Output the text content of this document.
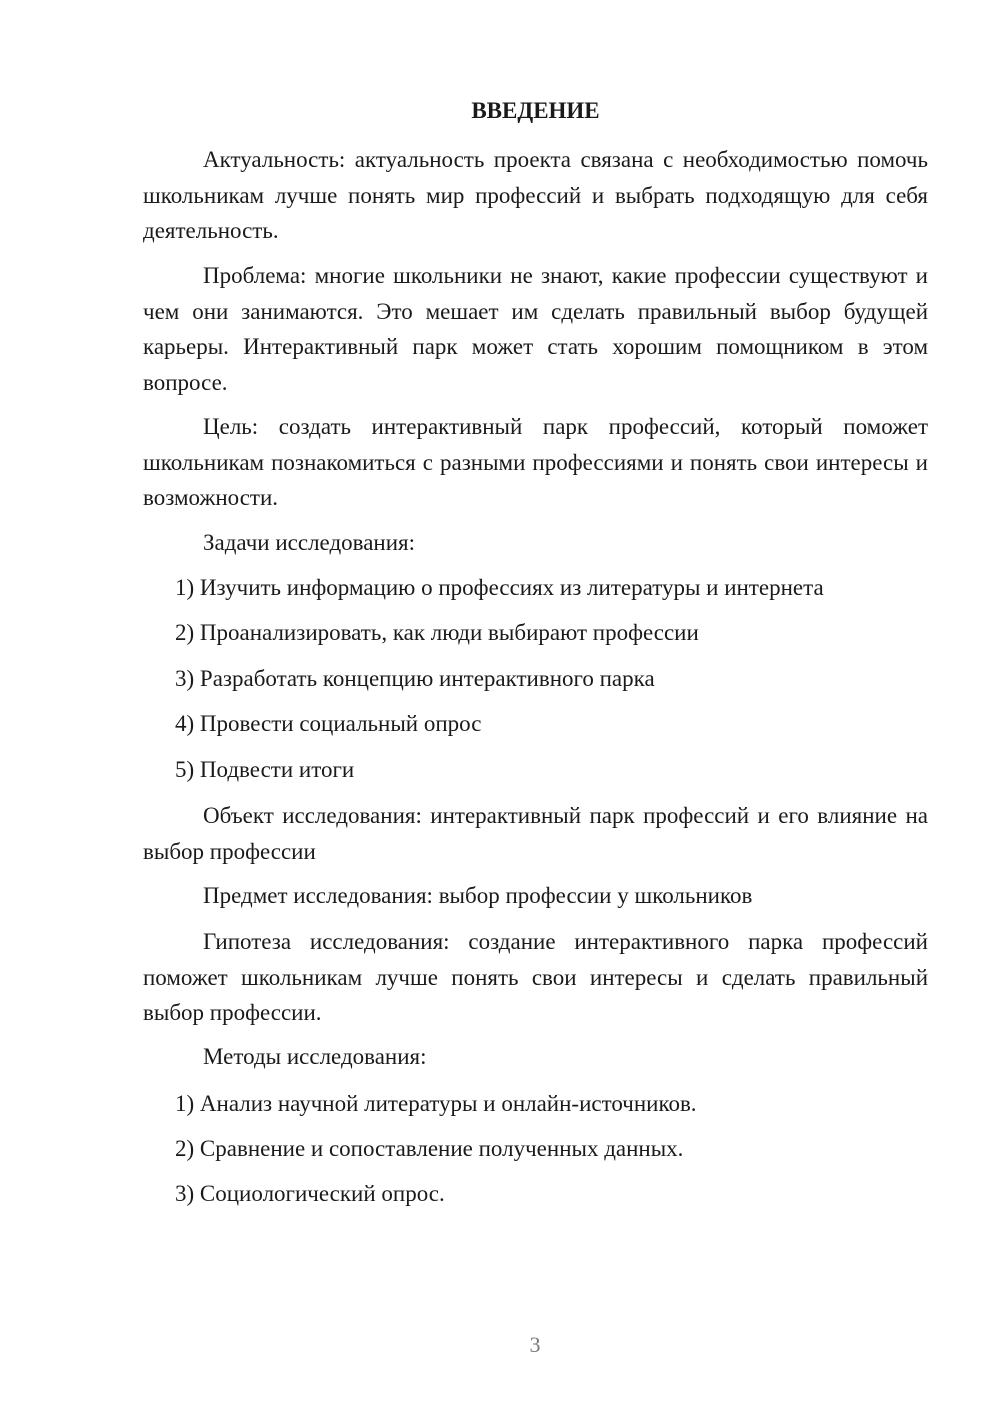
ВВЕДЕНИЕ

Актуальность: актуальность проекта связана с необходимостью помочь школьникам лучше понять мир профессий и выбрать подходящую для себя деятельность.

Проблема: многие школьники не знают, какие профессии существуют и чем они занимаются. Это мешает им сделать правильный выбор будущей карьеры. Интерактивный парк может стать хорошим помощником в этом вопросе.

Цель: создать интерактивный парк профессий, который поможет школьникам познакомиться с разными профессиями и понять свои интересы и возможности.

Задачи исследования:

1) Изучить информацию о профессиях из литературы и интернета

2) Проанализировать, как люди выбирают профессии

3) Разработать концепцию интерактивного парка

4) Провести социальный опрос

5) Подвести итоги

Объект исследования: интерактивный парк профессий и его влияние на выбор профессии

Предмет исследования: выбор профессии у школьников

Гипотеза исследования: создание интерактивного парка профессий поможет школьникам лучше понять свои интересы и сделать правильный выбор профессии.

Методы исследования:

1) Анализ научной литературы и онлайн-источников.

2) Сравнение и сопоставление полученных данных.

3) Социологический опрос.

3
